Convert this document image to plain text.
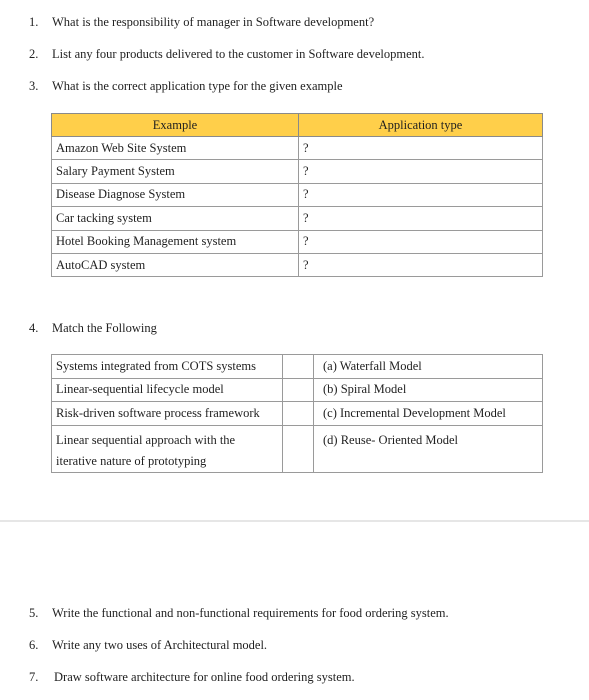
1. What is the responsibility of manager in Software development?
2. List any four products delivered to the customer in Software development.
3. What is the correct application type for the given example
Example	Application type
Amazon Web Site System	?
Salary Payment System	?
Disease Diagnose System	?
Car tacking system	?
Hotel Booking Management system	?
AutoCAD system	?
4. Match the Following
Systems integrated from COTS systems		(a) Waterfall Model
Linear-sequential lifecycle model		(b) Spiral Model
Risk-driven software process framework		(c) Incremental Development Model

Linear sequential approach with the
iterative nature of prototyping		(d) Reuse- Oriented Model
5. Write the functional and non-functional requirements for food ordering system.
6. Write any two uses of Architectural model.
7. Draw software architecture for online food ordering system.
